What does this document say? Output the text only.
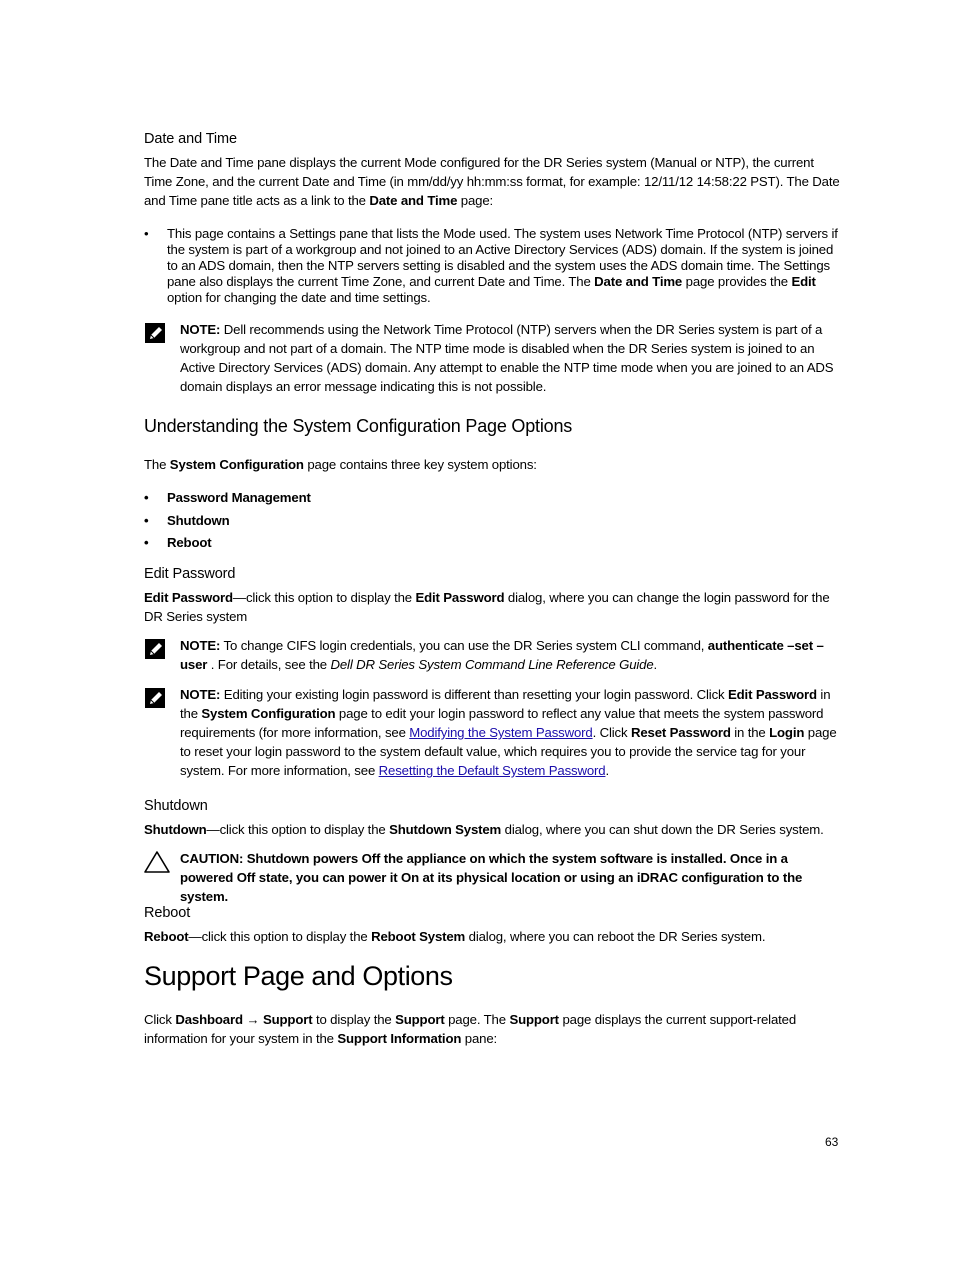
Date and Time
The Date and Time pane displays the current Mode configured for the DR Series system (Manual or NTP), the current Time Zone, and the current Date and Time (in mm/dd/yy hh:mm:ss format, for example: 12/11/12 14:58:22 PST). The Date and Time pane title acts as a link to the Date and Time page:
• This page contains a Settings pane that lists the Mode used. The system uses Network Time Protocol (NTP) servers if the system is part of a workgroup and not joined to an Active Directory Services (ADS) domain. If the system is joined to an ADS domain, then the NTP servers setting is disabled and the system uses the ADS domain time. The Settings pane also displays the current Time Zone, and current Date and Time. The Date and Time page provides the Edit option for changing the date and time settings.
NOTE: Dell recommends using the Network Time Protocol (NTP) servers when the DR Series system is part of a workgroup and not part of a domain. The NTP time mode is disabled when the DR Series system is joined to an Active Directory Services (ADS) domain. Any attempt to enable the NTP time mode when you are joined to an ADS domain displays an error message indicating this is not possible.
Understanding the System Configuration Page Options
The System Configuration page contains three key system options:
• Password Management
• Shutdown
• Reboot
Edit Password
Edit Password—click this option to display the Edit Password dialog, where you can change the login password for the DR Series system
NOTE: To change CIFS login credentials, you can use the DR Series system CLI command, authenticate –set –user . For details, see the Dell DR Series System Command Line Reference Guide.
NOTE: Editing your existing login password is different than resetting your login password. Click Edit Password in the System Configuration page to edit your login password to reflect any value that meets the system password requirements (for more information, see Modifying the System Password. Click Reset Password in the Login page to reset your login password to the system default value, which requires you to provide the service tag for your system. For more information, see Resetting the Default System Password.
Shutdown
Shutdown—click this option to display the Shutdown System dialog, where you can shut down the DR Series system.
CAUTION: Shutdown powers Off the appliance on which the system software is installed. Once in a powered Off state, you can power it On at its physical location or using an iDRAC configuration to the system.
Reboot
Reboot—click this option to display the Reboot System dialog, where you can reboot the DR Series system.
Support Page and Options
Click Dashboard → Support to display the Support page. The Support page displays the current support-related information for your system in the Support Information pane:
63
